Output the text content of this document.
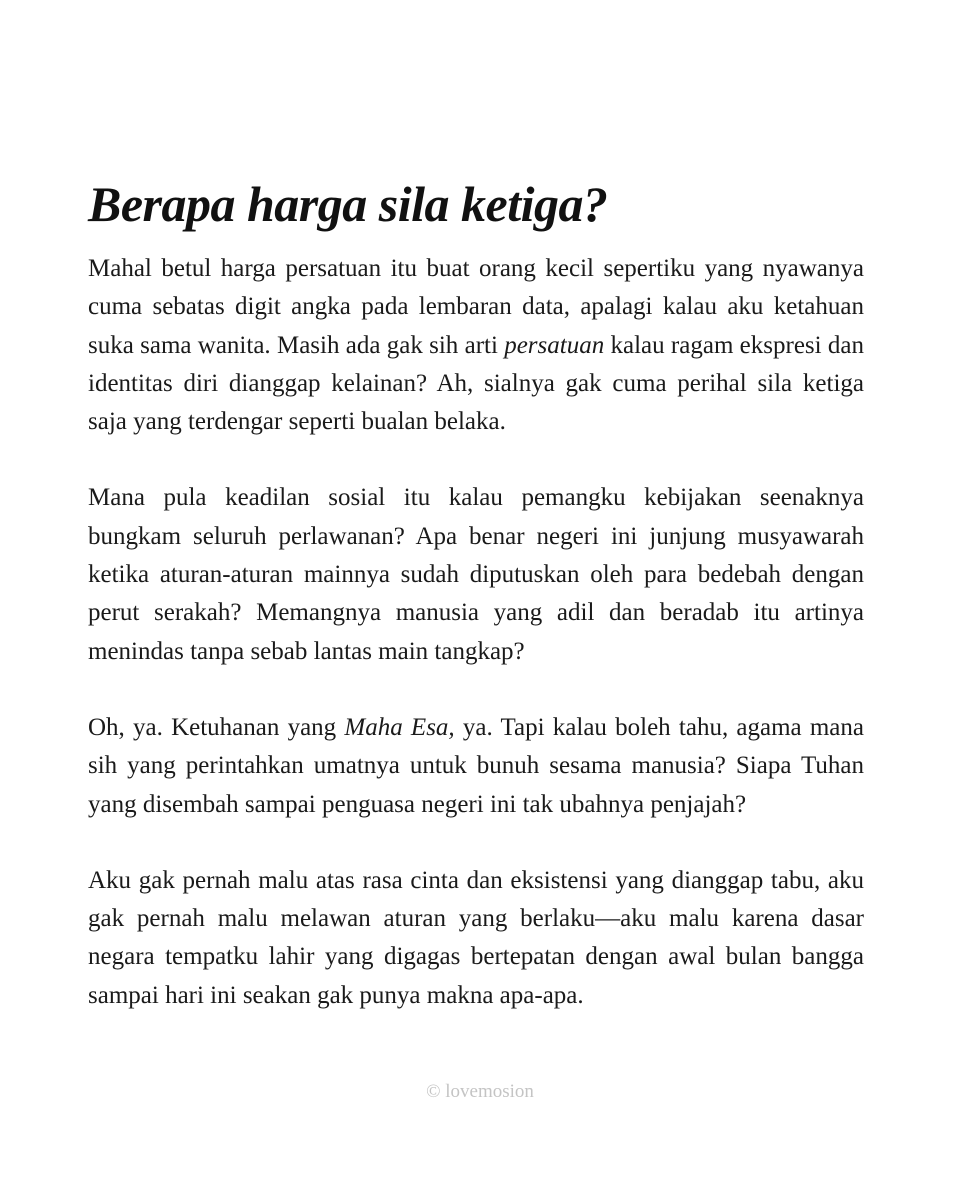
Berapa harga sila ketiga?

Mahal betul harga persatuan itu buat orang kecil sepertiku yang nyawanya cuma sebatas digit angka pada lembaran data, apalagi kalau aku ketahuan suka sama wanita. Masih ada gak sih arti persatuan kalau ragam ekspresi dan identitas diri dianggap kelainan? Ah, sialnya gak cuma perihal sila ketiga saja yang terdengar seperti bualan belaka.

Mana pula keadilan sosial itu kalau pemangku kebijakan seenaknya bungkam seluruh perlawanan? Apa benar negeri ini junjung musyawarah ketika aturan-aturan mainnya sudah diputuskan oleh para bedebah dengan perut serakah? Memangnya manusia yang adil dan beradab itu artinya menindas tanpa sebab lantas main tangkap?

Oh, ya. Ketuhanan yang Maha Esa, ya. Tapi kalau boleh tahu, agama mana sih yang perintahkan umatnya untuk bunuh sesama manusia? Siapa Tuhan yang disembah sampai penguasa negeri ini tak ubahnya penjajah?

Aku gak pernah malu atas rasa cinta dan eksistensi yang dianggap tabu, aku gak pernah malu melawan aturan yang berlaku—aku malu karena dasar negara tempatku lahir yang digagas bertepatan dengan awal bulan bangga sampai hari ini seakan gak punya makna apa-apa.

© lovemosion
